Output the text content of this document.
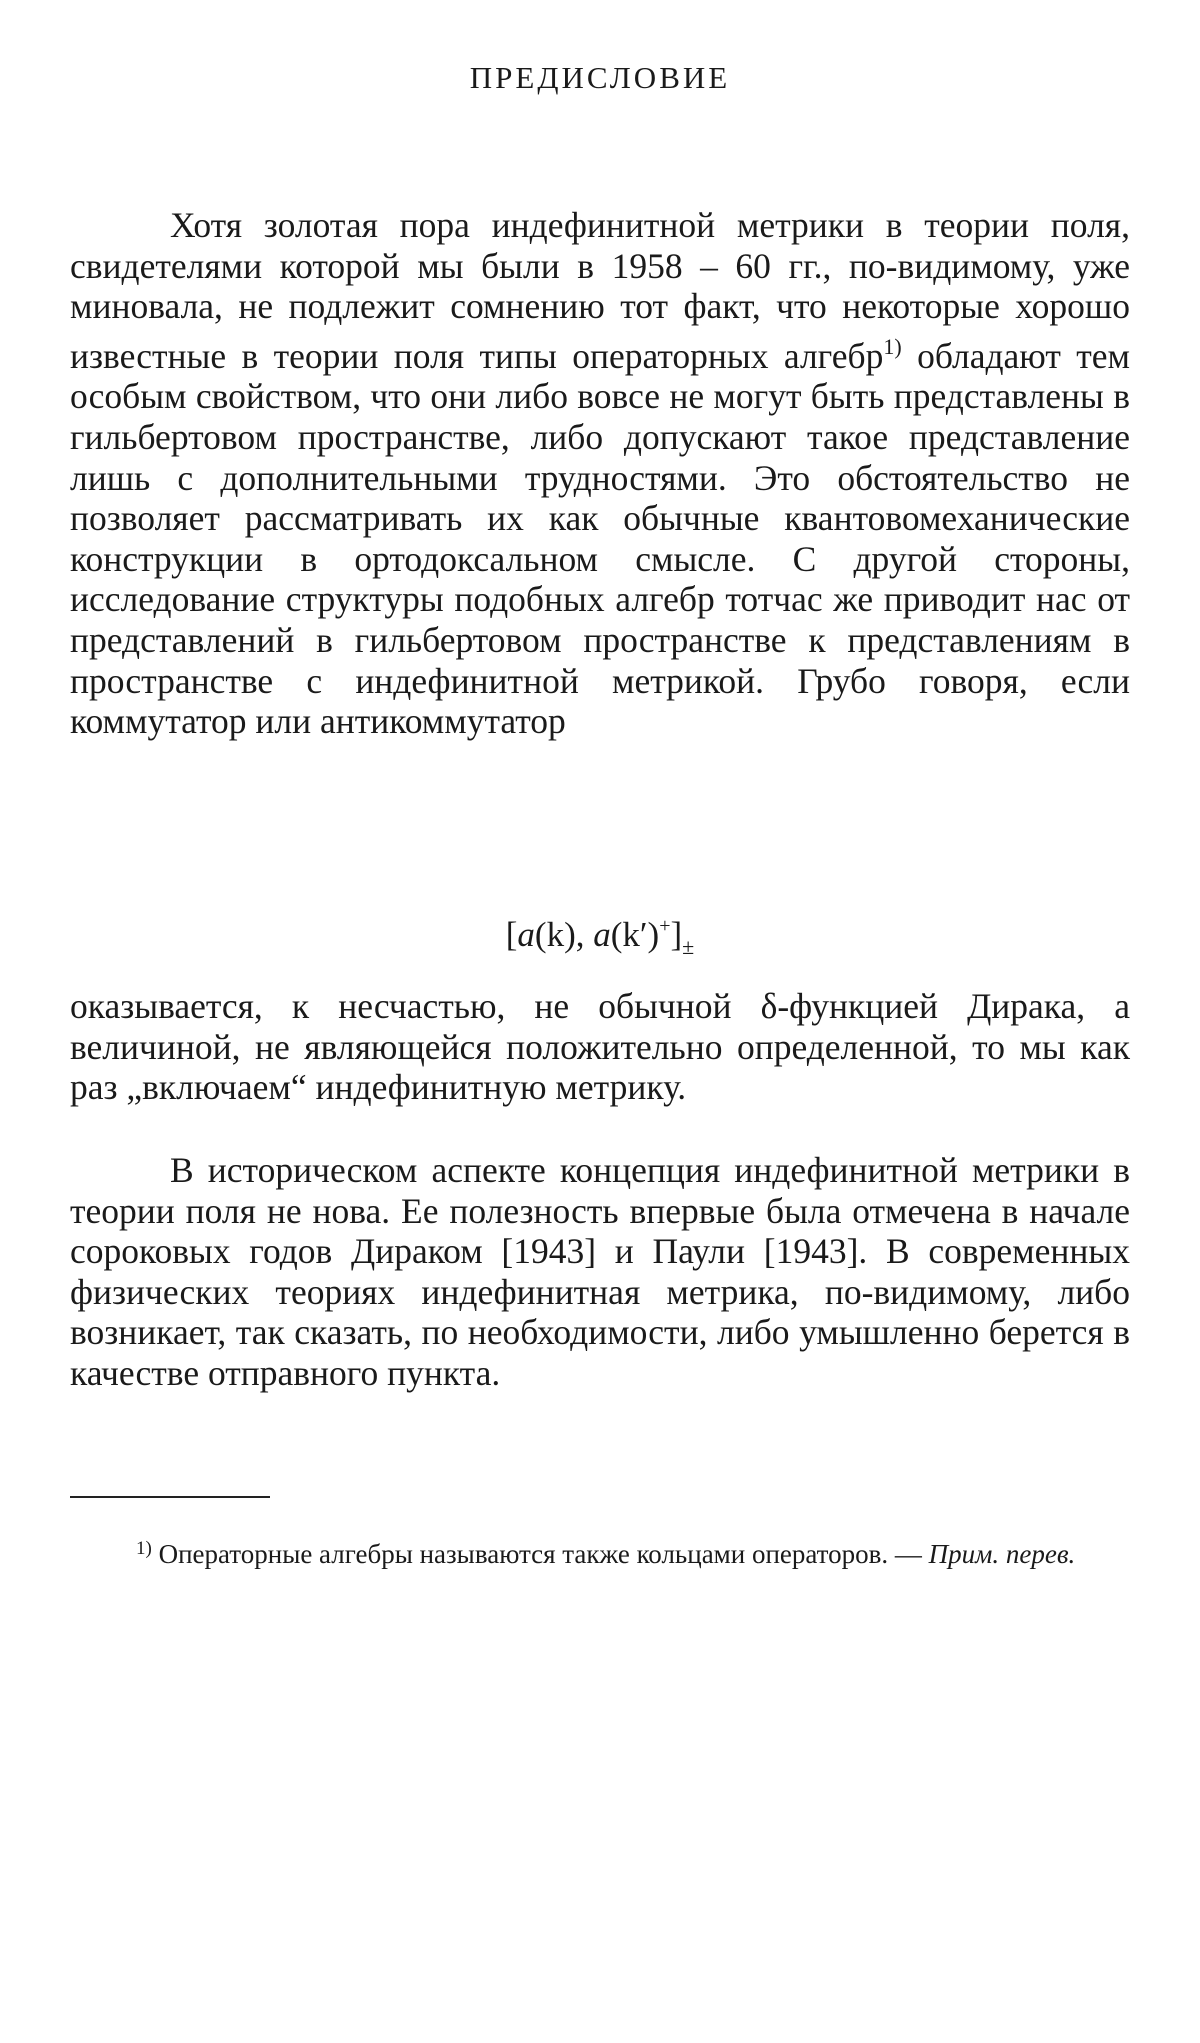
ПРЕДИСЛОВИЕ
Хотя золотая пора индефинитной метрики в теории поля, свидетелями которой мы были в 1958 – 60 гг., по-видимому, уже миновала, не подлежит сомнению тот факт, что некоторые хорошо известные в теории поля типы операторных алгебр$^{1)}$ обладают тем особым свойством, что они либо вовсе не могут быть представлены в гильбертовом пространстве, либо допускают такое представление лишь с дополнительными трудностями. Это обстоятельство не позволяет рассматривать их как обычные квантовомеханические конструкции в ортодоксальном смысле. С другой стороны, исследование структуры подобных алгебр тотчас же приводит нас от представлений в гильбертовом пространстве к представлениям в пространстве с индефинитной метрикой. Грубо говоря, если коммутатор или антикоммутатор
[a(k), $a(k')^+]_\pm$
оказывается, к несчастью, не обычной δ-функцией Дирака, а величиной, не являющейся положительно определенной, то мы как раз „включаем“ индефинитную метрику.
В историческом аспекте концепция индефинитной метрики в теории поля не нова. Ее полезность впервые была отмечена в начале сороковых годов Дираком [1943] и Паули [1943]. В современных физических теориях индефинитная метрика, по-видимому, либо возникает, так сказать, по необходимости, либо умышленно берется в качестве отправного пункта.
$^{1)}$ Операторные алгебры называются также кольцами операторов. — Прим. перев.
